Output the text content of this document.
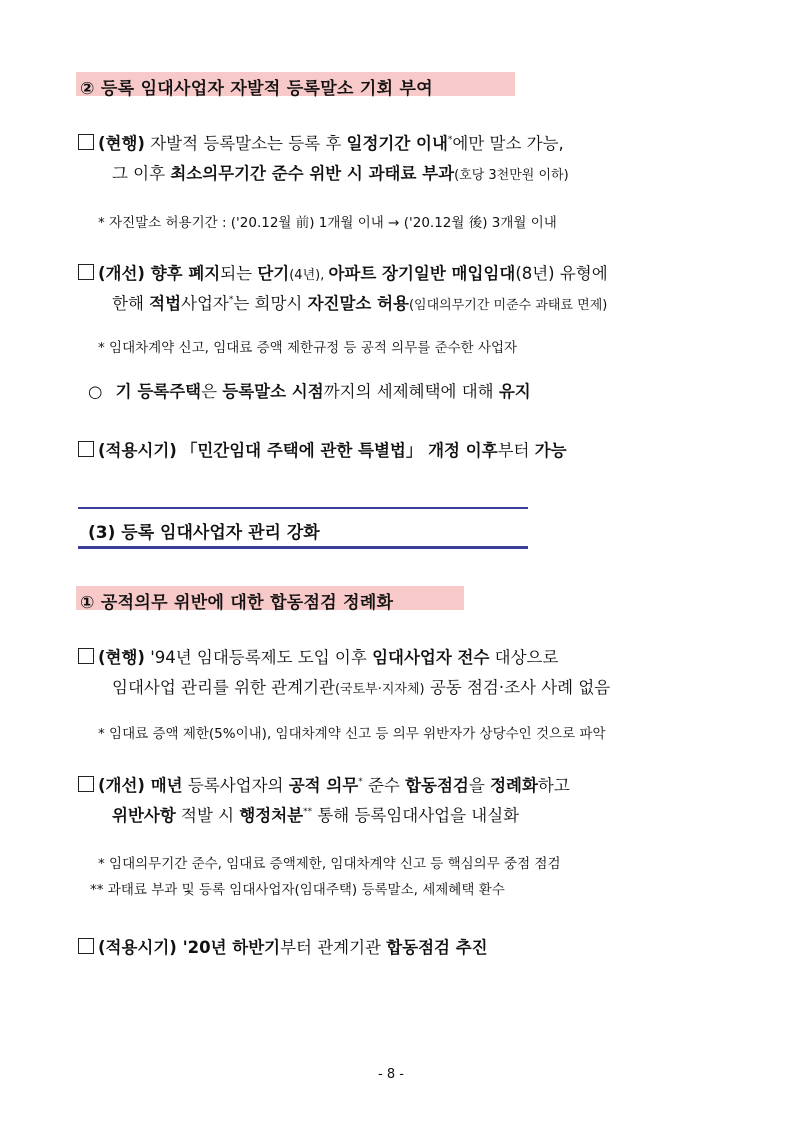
② 등록 임대사업자 자발적 등록말소 기회 부여
(현행) 자발적 등록말소는 등록 후 일정기간 이내*에만 말소 가능,
그 이후 최소의무기간 준수 위반 시 과태료 부과(호당 3천만원 이하)
* 자진말소 허용기간 : ('20.12월 前) 1개월 이내 → ('20.12월 後) 3개월 이내
(개선) 향후 폐지되는 단기(4년), 아파트 장기일반 매입임대(8년) 유형에
한해 적법사업자*는 희망시 자진말소 허용(임대의무기간 미준수 과태료 면제)
* 임대차계약 신고, 임대료 증액 제한규정 등 공적 의무를 준수한 사업자
○ 기 등록주택은 등록말소 시점까지의 세제혜택에 대해 유지
(적용시기) 「민간임대 주택에 관한 특별법」 개정 이후부터 가능
(3) 등록 임대사업자 관리 강화
① 공적의무 위반에 대한 합동점검 정례화
(현행) '94년 임대등록제도 도입 이후 임대사업자 전수 대상으로
임대사업 관리를 위한 관계기관(국토부·지자체) 공동 점검·조사 사례 없음
* 임대료 증액 제한(5%이내), 임대차계약 신고 등 의무 위반자가 상당수인 것으로 파악
(개선) 매년 등록사업자의 공적 의무* 준수 합동점검을 정례화하고
위반사항 적발 시 행정처분** 통해 등록임대사업을 내실화
* 임대의무기간 준수, 임대료 증액제한, 임대차계약 신고 등 핵심의무 중점 점검
** 과태료 부과 및 등록 임대사업자(임대주택) 등록말소, 세제혜택 환수
(적용시기) '20년 하반기부터 관계기관 합동점검 추진
- 8 -
